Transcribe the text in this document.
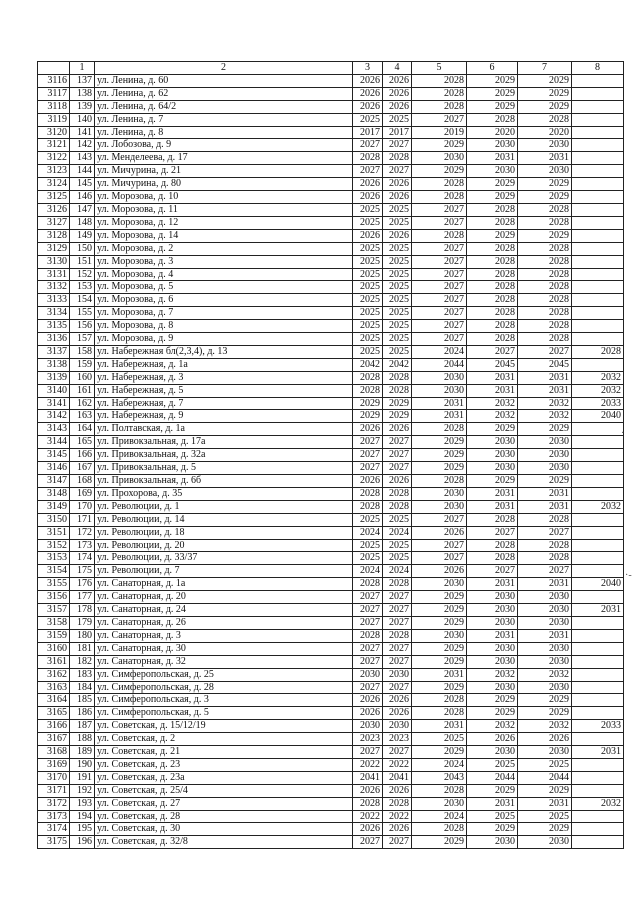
	1	2	3	4	5	6	7	8
3116	137	ул. Ленина, д. 60	2026	2026	2028	2029	2029	
3117	138	ул. Ленина, д. 62	2026	2026	2028	2029	2029	
3118	139	ул. Ленина, д. 64/2	2026	2026	2028	2029	2029	
3119	140	ул. Ленина, д. 7	2025	2025	2027	2028	2028	
3120	141	ул. Ленина, д. 8	2017	2017	2019	2020	2020	
3121	142	ул. Лобозова, д. 9	2027	2027	2029	2030	2030	
3122	143	ул. Менделеева, д. 17	2028	2028	2030	2031	2031	
3123	144	ул. Мичурина, д. 21	2027	2027	2029	2030	2030	
3124	145	ул. Мичурина, д. 80	2026	2026	2028	2029	2029	
3125	146	ул. Морозова, д. 10	2026	2026	2028	2029	2029	
3126	147	ул. Морозова, д. 11	2025	2025	2027	2028	2028	
3127	148	ул. Морозова, д. 12	2025	2025	2027	2028	2028	
3128	149	ул. Морозова, д. 14	2026	2026	2028	2029	2029	
3129	150	ул. Морозова, д. 2	2025	2025	2027	2028	2028	
3130	151	ул. Морозова, д. 3	2025	2025	2027	2028	2028	
3131	152	ул. Морозова, д. 4	2025	2025	2027	2028	2028	
3132	153	ул. Морозова, д. 5	2025	2025	2027	2028	2028	
3133	154	ул. Морозова, д. 6	2025	2025	2027	2028	2028	
3134	155	ул. Морозова, д. 7	2025	2025	2027	2028	2028	
3135	156	ул. Морозова, д. 8	2025	2025	2027	2028	2028	
3136	157	ул. Морозова, д. 9	2025	2025	2027	2028	2028	
3137	158	ул. Набережная бл(2,3,4), д. 13	2025	2025	2024	2027	2027	2028
3138	159	ул. Набережная, д. 1а	2042	2042	2044	2045	2045	
3139	160	ул. Набережная, д. 3	2028	2028	2030	2031	2031	2032
3140	161	ул. Набережная, д. 5	2028	2028	2030	2031	2031	2032
3141	162	ул. Набережная, д. 7	2029	2029	2031	2032	2032	2033
3142	163	ул. Набережная, д. 9	2029	2029	2031	2032	2032	2040
3143	164	ул. Полтавская, д. 1а	2026	2026	2028	2029	2029	
3144	165	ул. Привокзальная, д. 17а	2027	2027	2029	2030	2030	
3145	166	ул. Привокзальная, д. 32а	2027	2027	2029	2030	2030	
3146	167	ул. Привокзальная, д. 5	2027	2027	2029	2030	2030	
3147	168	ул. Привокзальная, д. 6б	2026	2026	2028	2029	2029	
3148	169	ул. Прохорова, д. 35	2028	2028	2030	2031	2031	
3149	170	ул. Революции, д. 1	2028	2028	2030	2031	2031	2032
3150	171	ул. Революции, д. 14	2025	2025	2027	2028	2028	
3151	172	ул. Революции, д. 18	2024	2024	2026	2027	2027	
3152	173	ул. Революции, д. 20	2025	2025	2027	2028	2028	
3153	174	ул. Революции, д. 33/37	2025	2025	2027	2028	2028	
3154	175	ул. Революции, д. 7	2024	2024	2026	2027	2027	
3155	176	ул. Санаторная, д. 1а	2028	2028	2030	2031	2031	2040
3156	177	ул. Санаторная, д. 20	2027	2027	2029	2030	2030	
3157	178	ул. Санаторная, д. 24	2027	2027	2029	2030	2030	2031
3158	179	ул. Санаторная, д. 26	2027	2027	2029	2030	2030	
3159	180	ул. Санаторная, д. 3	2028	2028	2030	2031	2031	
3160	181	ул. Санаторная, д. 30	2027	2027	2029	2030	2030	
3161	182	ул. Санаторная, д. 32	2027	2027	2029	2030	2030	
3162	183	ул. Симферопольская, д. 25	2030	2030	2031	2032	2032	
3163	184	ул. Симферопольская, д. 28	2027	2027	2029	2030	2030	
3164	185	ул. Симферопольская, д. 3	2026	2026	2028	2029	2029	
3165	186	ул. Симферопольская, д. 5	2026	2026	2028	2029	2029	
3166	187	ул. Советская, д. 15/12/19	2030	2030	2031	2032	2032	2033
3167	188	ул. Советская, д. 2	2023	2023	2025	2026	2026	
3168	189	ул. Советская, д. 21	2027	2027	2029	2030	2030	2031
3169	190	ул. Советская, д. 23	2022	2022	2024	2025	2025	
3170	191	ул. Советская, д. 23а	2041	2041	2043	2044	2044	
3171	192	ул. Советская, д. 25/4	2026	2026	2028	2029	2029	
3172	193	ул. Советская, д. 27	2028	2028	2030	2031	2031	2032
3173	194	ул. Советская, д. 28	2022	2022	2024	2025	2025	
3174	195	ул. Советская, д. 30	2026	2026	2028	2029	2029	
3175	196	ул. Советская, д. 32/8	2027	2027	2029	2030	2030	
·
·-
